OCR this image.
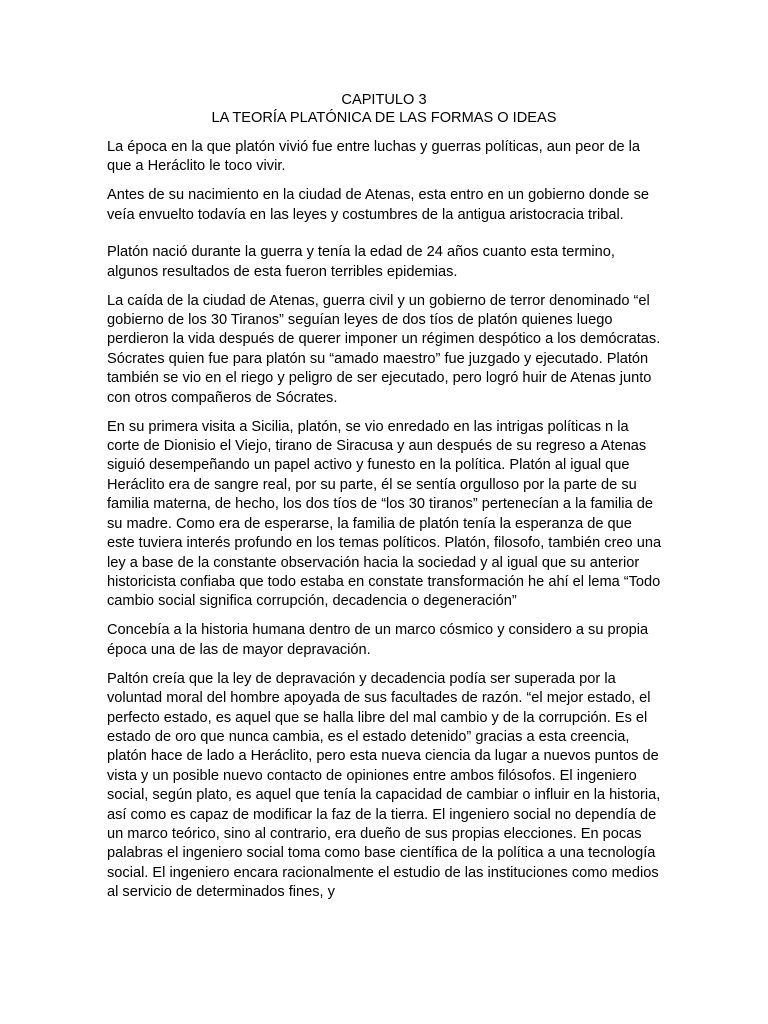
CAPITULO 3
LA TEORÍA PLATÓNICA DE LAS FORMAS O IDEAS

La época en la que platón vivió fue entre luchas y guerras políticas, aun peor de la que a Heráclito le toco vivir.

Antes de su nacimiento en la ciudad de Atenas, esta entro en un gobierno donde se veía envuelto todavía en las leyes y costumbres de la antigua aristocracia tribal.

Platón nació durante la guerra y tenía la edad de 24 años cuanto esta termino, algunos resultados de esta fueron terribles epidemias.

La caída de la ciudad de Atenas, guerra civil y un gobierno de terror denominado “el gobierno de los 30 Tiranos” seguían leyes de dos tíos de platón quienes luego perdieron la vida después de querer imponer un régimen despótico a los demócratas. Sócrates quien fue para platón su “amado maestro” fue juzgado y ejecutado. Platón también se vio en el riego y peligro de ser ejecutado, pero logró huir de Atenas junto con otros compañeros de Sócrates.

En su primera visita a Sicilia, platón, se vio enredado en las intrigas políticas n la corte de Dionisio el Viejo, tirano de Siracusa y aun después de su regreso a Atenas siguió desempeñando un papel activo y funesto en la política. Platón al igual que Heráclito era de sangre real, por su parte, él se sentía orgulloso por la parte de su familia materna, de hecho, los dos tíos de “los 30 tiranos” pertenecían a la familia de su madre. Como era de esperarse, la familia de platón tenía la esperanza de que este tuviera interés profundo en los temas políticos. Platón, filosofo, también creo una ley a base de la constante observación hacia la sociedad y al igual que su anterior historicista confiaba que todo estaba en constate transformación he ahí el lema “Todo cambio social significa corrupción, decadencia o degeneración”

Concebía a la historia humana dentro de un marco cósmico y considero a su propia época una de las de mayor depravación.

Paltón creía que la ley de depravación y decadencia podía ser superada por la voluntad moral del hombre apoyada de sus facultades de razón. “el mejor estado, el perfecto estado, es aquel que se halla libre del mal cambio y de la corrupción. Es el estado de oro que nunca cambia, es el estado detenido” gracias a esta creencia, platón hace de lado a Heráclito, pero esta nueva ciencia da lugar a nuevos puntos de vista y un posible nuevo contacto de opiniones entre ambos filósofos. El ingeniero social, según plato, es aquel que tenía la capacidad de cambiar o influir en la historia, así como es capaz de modificar la faz de la tierra. El ingeniero social no dependía de un marco teórico, sino al contrario, era dueño de sus propias elecciones. En pocas palabras el ingeniero social toma como base científica de la política a una tecnología social. El ingeniero encara racionalmente el estudio de las instituciones como medios al servicio de determinados fines, y
